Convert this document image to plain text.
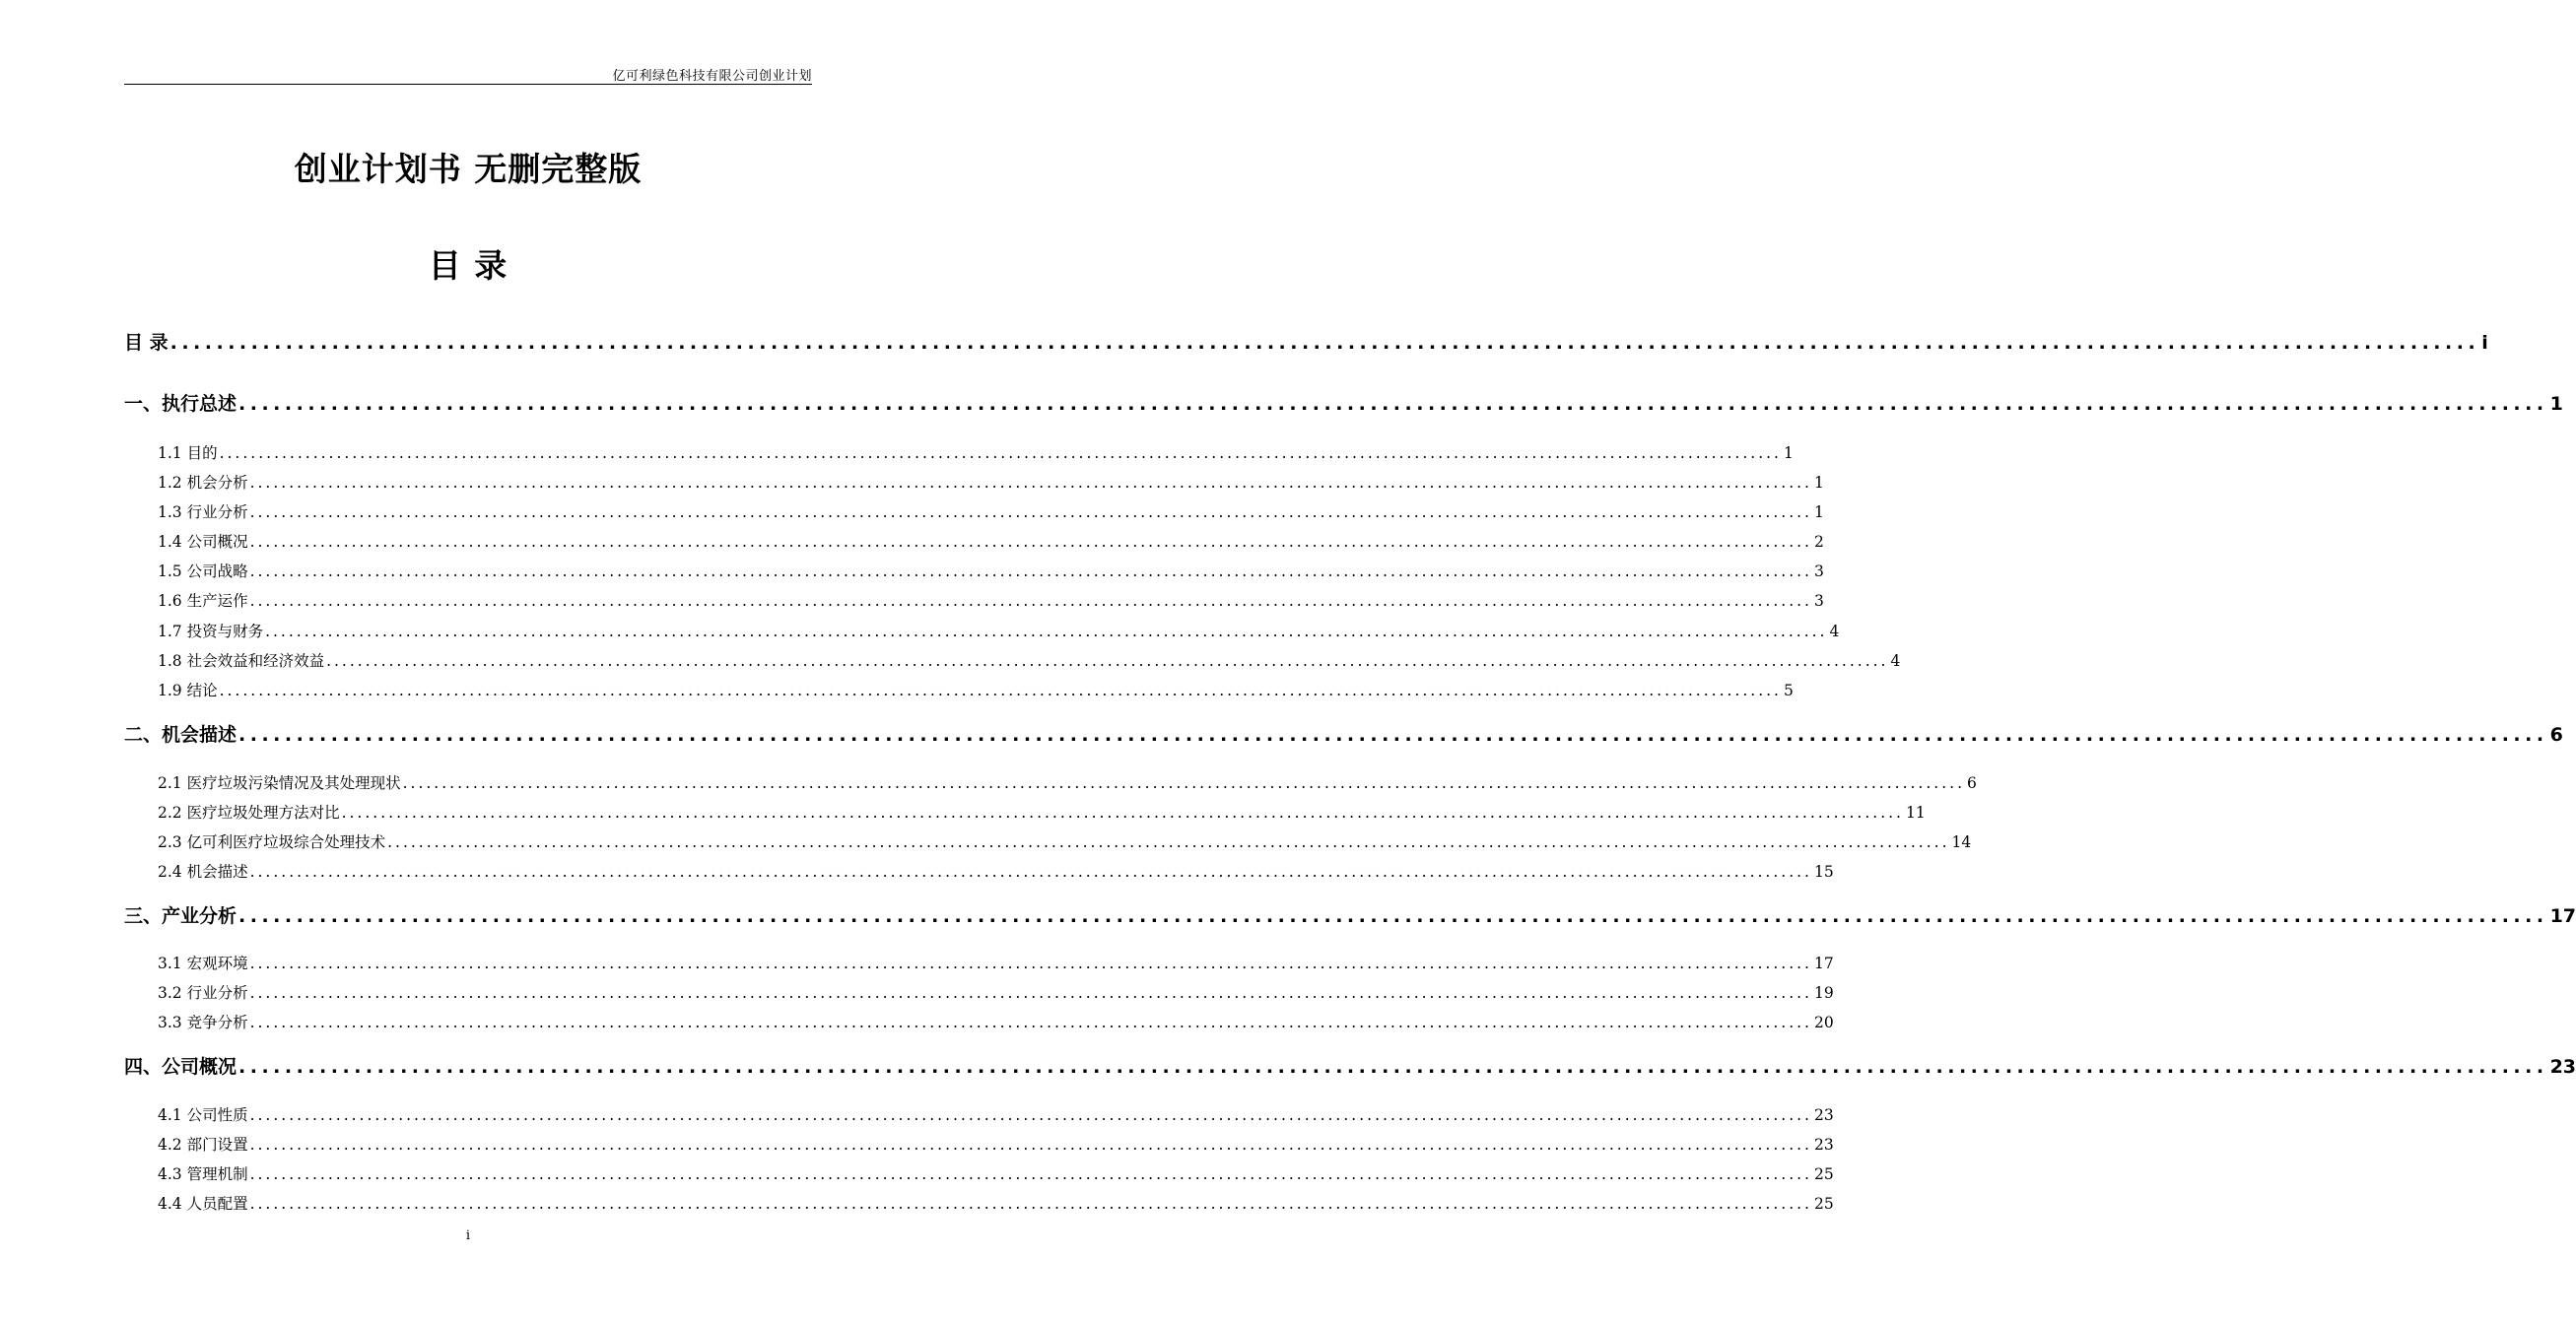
亿可利绿色科技有限公司创业计划
创业计划书 无删完整版
目 录
目 录 ........................................................................................................................................................................................................ i
一、执行总述 ........................................................................................................................................................................................................ 1
1.1 目的 ........................................................................................................................................................................................................ 1
1.2 机会分析 ........................................................................................................................................................................................................ 1
1.3 行业分析 ........................................................................................................................................................................................................ 1
1.4 公司概况 ........................................................................................................................................................................................................ 2
1.5 公司战略 ........................................................................................................................................................................................................ 3
1.6 生产运作 ........................................................................................................................................................................................................ 3
1.7 投资与财务 ........................................................................................................................................................................................................ 4
1.8 社会效益和经济效益 ........................................................................................................................................................................................................ 4
1.9 结论 ........................................................................................................................................................................................................ 5
二、机会描述 ........................................................................................................................................................................................................ 6
2.1 医疗垃圾污染情况及其处理现状 ........................................................................................................................................................................................................ 6
2.2 医疗垃圾处理方法对比 ........................................................................................................................................................................................................ 11
2.3 亿可利医疗垃圾综合处理技术 ........................................................................................................................................................................................................ 14
2.4 机会描述 ........................................................................................................................................................................................................ 15
三、产业分析 ........................................................................................................................................................................................................ 17
3.1 宏观环境 ........................................................................................................................................................................................................ 17
3.2 行业分析 ........................................................................................................................................................................................................ 19
3.3 竞争分析 ........................................................................................................................................................................................................ 20
四、公司概况 ........................................................................................................................................................................................................ 23
4.1 公司性质 ........................................................................................................................................................................................................ 23
4.2 部门设置 ........................................................................................................................................................................................................ 23
4.3 管理机制 ........................................................................................................................................................................................................ 25
4.4 人员配置 ........................................................................................................................................................................................................ 25
i
